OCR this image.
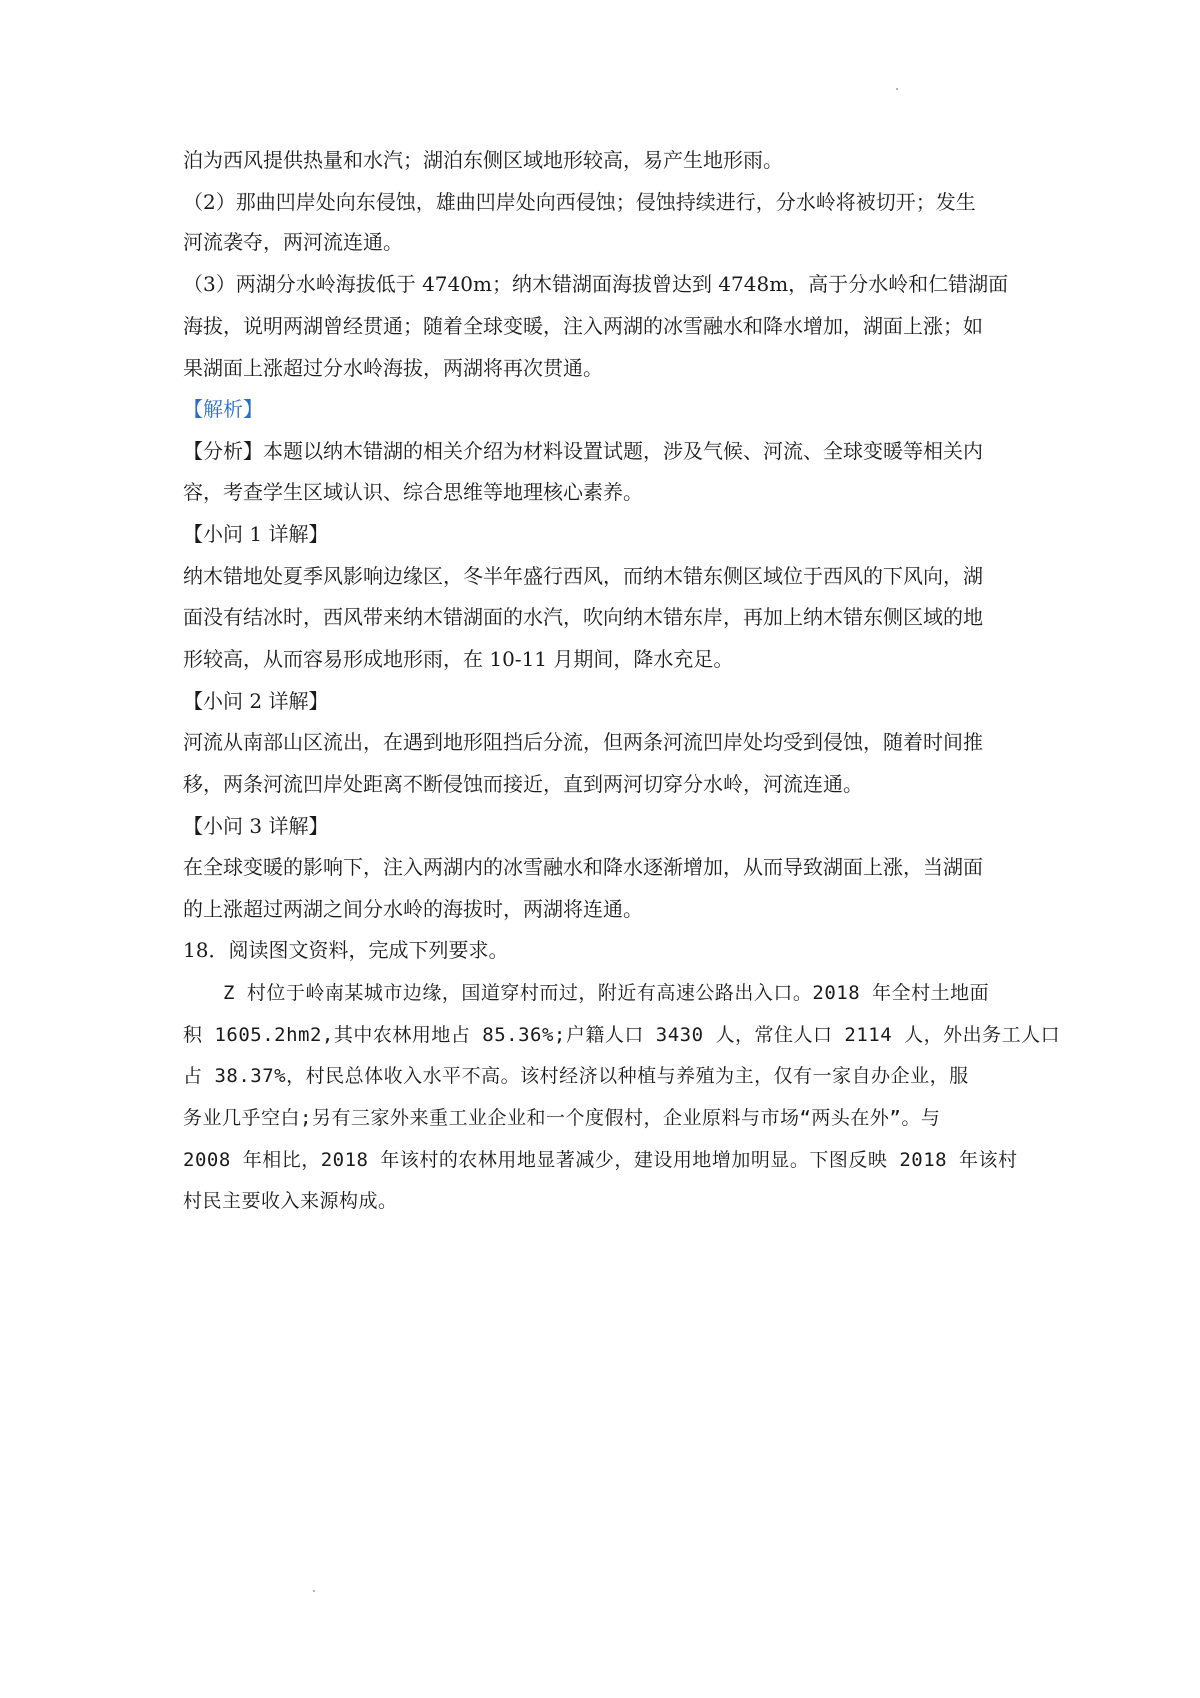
泊为西风提供热量和水汽；湖泊东侧区域地形较高，易产生地形雨。
（2）那曲凹岸处向东侵蚀，雄曲凹岸处向西侵蚀；侵蚀持续进行，分水岭将被切开；发生
河流袭夺，两河流连通。
（3）两湖分水岭海拔低于 4740m；纳木错湖面海拔曾达到 4748m，高于分水岭和仁错湖面
海拔，说明两湖曾经贯通；随着全球变暖，注入两湖的冰雪融水和降水增加，湖面上涨；如
果湖面上涨超过分水岭海拔，两湖将再次贯通。
【解析】
【分析】本题以纳木错湖的相关介绍为材料设置试题，涉及气候、河流、全球变暖等相关内
容，考查学生区域认识、综合思维等地理核心素养。
【小问 1 详解】
纳木错地处夏季风影响边缘区，冬半年盛行西风，而纳木错东侧区域位于西风的下风向，湖
面没有结冰时，西风带来纳木错湖面的水汽，吹向纳木错东岸，再加上纳木错东侧区域的地
形较高，从而容易形成地形雨，在 10-11 月期间，降水充足。
【小问 2 详解】
河流从南部山区流出，在遇到地形阻挡后分流，但两条河流凹岸处均受到侵蚀，随着时间推
移，两条河流凹岸处距离不断侵蚀而接近，直到两河切穿分水岭，河流连通。
【小问 3 详解】
在全球变暖的影响下，注入两湖内的冰雪融水和降水逐渐增加，从而导致湖面上涨，当湖面
的上涨超过两湖之间分水岭的海拔时，两湖将连通。
18．阅读图文资料，完成下列要求。
Z 村位于岭南某城市边缘，国道穿村而过，附近有高速公路出入口。2018 年全村土地面
积 1605.2hm2,其中农林用地占 85.36%;户籍人口 3430 人，常住人口 2114 人，外出务工人口
占 38.37%，村民总体收入水平不高。该村经济以种植与养殖为主，仅有一家自办企业，服
务业几乎空白;另有三家外来重工业企业和一个度假村，企业原料与市场“两头在外”。与
2008 年相比，2018 年该村的农林用地显著减少，建设用地增加明显。下图反映 2018 年该村
村民主要收入来源构成。
